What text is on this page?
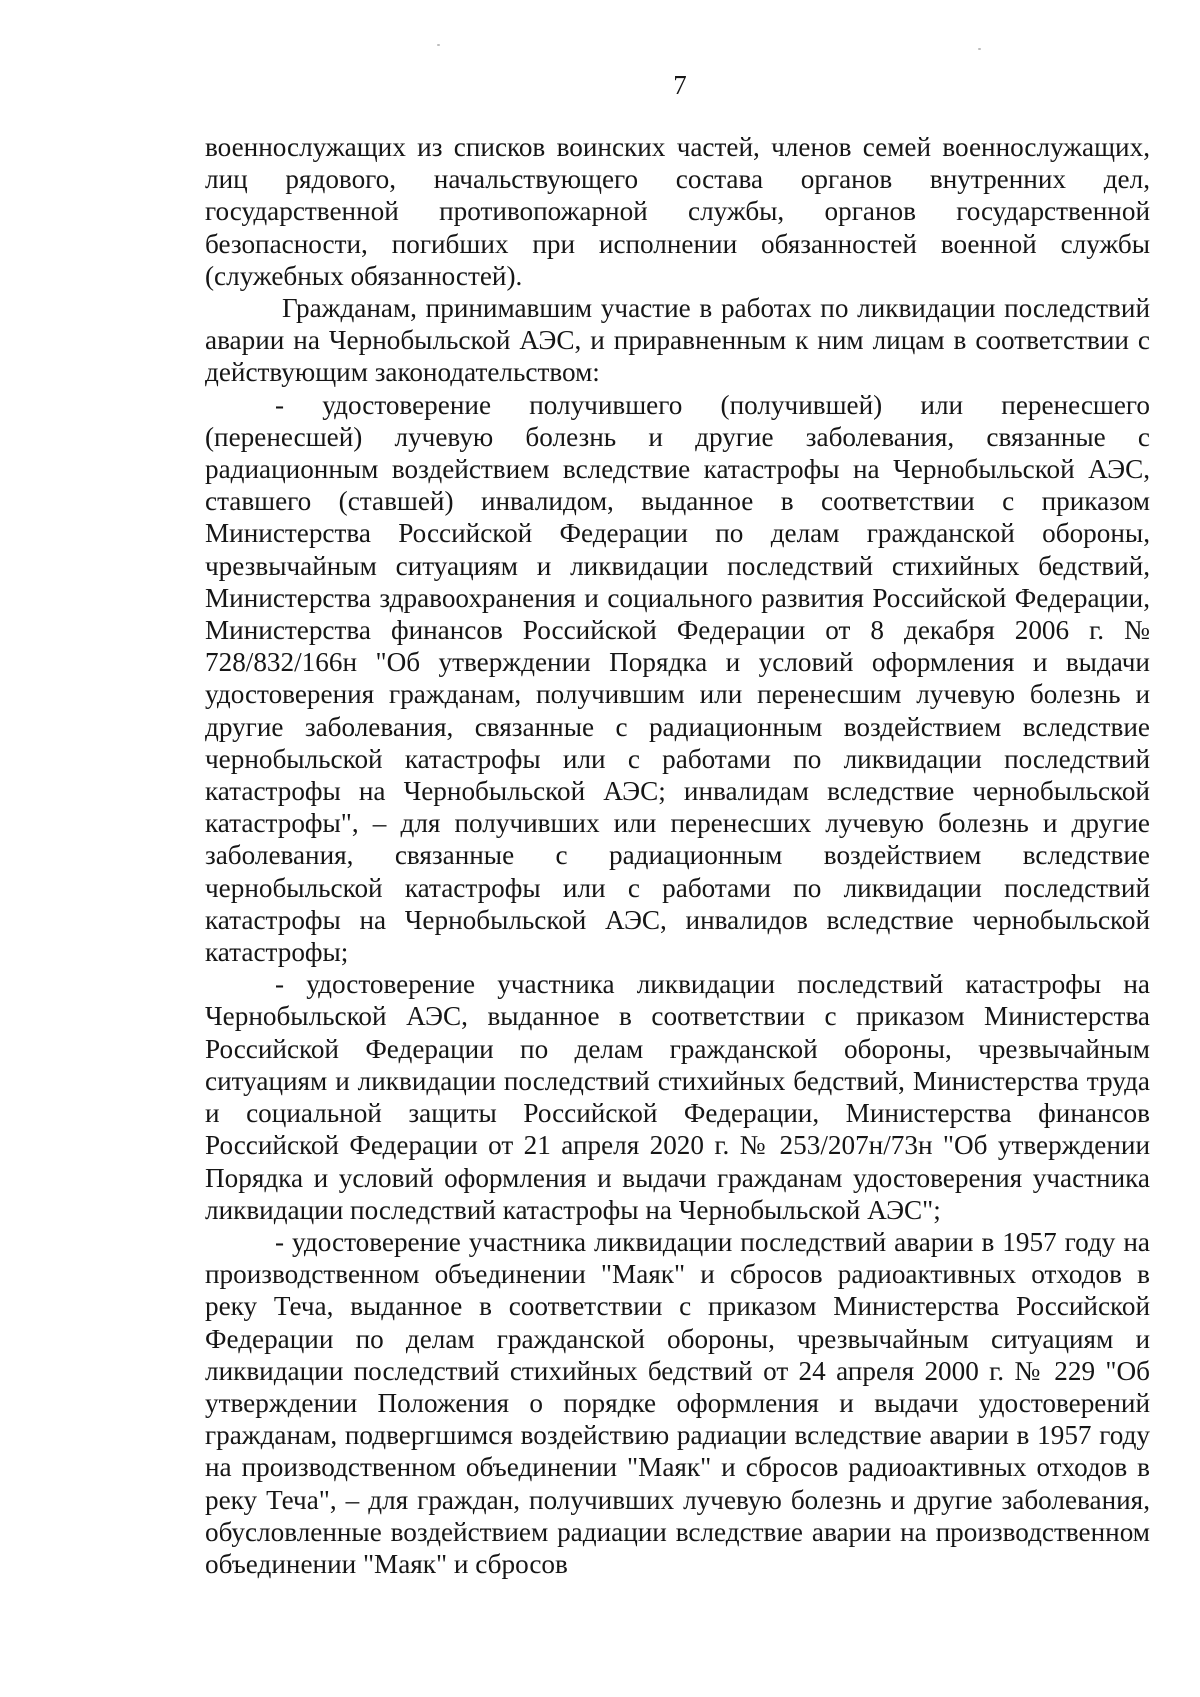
7

военнослужащих из списков воинских частей, членов семей военнослужащих, лиц рядового, начальствующего состава органов внутренних дел, государственной противопожарной службы, органов государственной безопасности, погибших при исполнении обязанностей военной службы (служебных обязанностей).

Гражданам, принимавшим участие в работах по ликвидации последствий аварии на Чернобыльской АЭС, и приравненным к ним лицам в соответствии с действующим законодательством:

- удостоверение получившего (получившей) или перенесшего (перенесшей) лучевую болезнь и другие заболевания, связанные с радиационным воздействием вследствие катастрофы на Чернобыльской АЭС, ставшего (ставшей) инвалидом, выданное в соответствии с приказом Министерства Российской Федерации по делам гражданской обороны, чрезвычайным ситуациям и ликвидации последствий стихийных бедствий, Министерства здравоохранения и социального развития Российской Федерации, Министерства финансов Российской Федерации от 8 декабря 2006 г. № 728/832/166н "Об утверждении Порядка и условий оформления и выдачи удостоверения гражданам, получившим или перенесшим лучевую болезнь и другие заболевания, связанные с радиационным воздействием вследствие чернобыльской катастрофы или с работами по ликвидации последствий катастрофы на Чернобыльской АЭС; инвалидам вследствие чернобыльской катастрофы", – для получивших или перенесших лучевую болезнь и другие заболевания, связанные с радиационным воздействием вследствие чернобыльской катастрофы или с работами по ликвидации последствий катастрофы на Чернобыльской АЭС, инвалидов вследствие чернобыльской катастрофы;

- удостоверение участника ликвидации последствий катастрофы на Чернобыльской АЭС, выданное в соответствии с приказом Министерства Российской Федерации по делам гражданской обороны, чрезвычайным ситуациям и ликвидации последствий стихийных бедствий, Министерства труда и социальной защиты Российской Федерации, Министерства финансов Российской Федерации от 21 апреля 2020 г. № 253/207н/73н "Об утверждении Порядка и условий оформления и выдачи гражданам удостоверения участника ликвидации последствий катастрофы на Чернобыльской АЭС";

- удостоверение участника ликвидации последствий аварии в 1957 году на производственном объединении "Маяк" и сбросов радиоактивных отходов в реку Теча, выданное в соответствии с приказом Министерства Российской Федерации по делам гражданской обороны, чрезвычайным ситуациям и ликвидации последствий стихийных бедствий от 24 апреля 2000 г. № 229 "Об утверждении Положения о порядке оформления и выдачи удостоверений гражданам, подвергшимся воздействию радиации вследствие аварии в 1957 году на производственном объединении "Маяк" и сбросов радиоактивных отходов в реку Теча", – для граждан, получивших лучевую болезнь и другие заболевания, обусловленные воздействием радиации вследствие аварии на производственном объединении "Маяк" и сбросов
